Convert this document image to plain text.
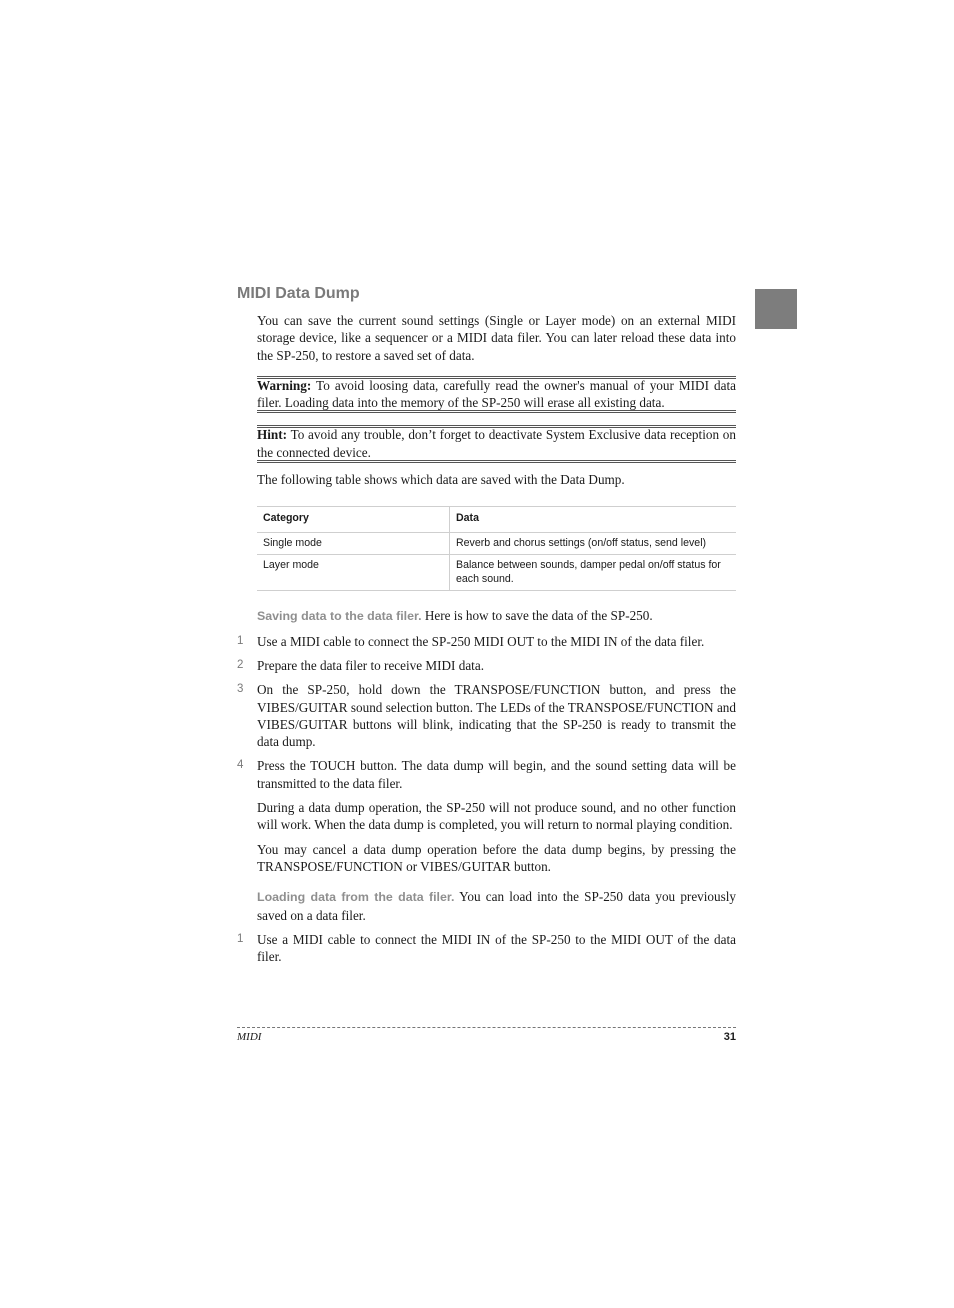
MIDI Data Dump

You can save the current sound settings (Single or Layer mode) on an external MIDI storage device, like a sequencer or a MIDI data filer. You can later reload these data into the SP-250, to restore a saved set of data.

Warning: To avoid loosing data, carefully read the owner's manual of your MIDI data filer. Loading data into the memory of the SP-250 will erase all existing data.

Hint: To avoid any trouble, don’t forget to deactivate System Exclusive data reception on the connected device.

The following table shows which data are saved with the Data Dump.

Category	Data
Single mode	Reverb and chorus settings (on/off status, send level)
Layer mode	Balance between sounds, damper pedal on/off status for each sound.

Saving data to the data filer. Here is how to save the data of the SP-250.

1 Use a MIDI cable to connect the SP-250 MIDI OUT to the MIDI IN of the data filer.

2 Prepare the data filer to receive MIDI data.

3 On the SP-250, hold down the TRANSPOSE/FUNCTION button, and press the VIBES/GUITAR sound selection button. The LEDs of the TRANSPOSE/FUNCTION and VIBES/GUITAR buttons will blink, indicating that the SP-250 is ready to transmit the data dump.

4 Press the TOUCH button. The data dump will begin, and the sound setting data will be transmitted to the data filer.

During a data dump operation, the SP-250 will not produce sound, and no other function will work. When the data dump is completed, you will return to normal playing condition.

You may cancel a data dump operation before the data dump begins, by pressing the TRANSPOSE/FUNCTION or VIBES/GUITAR button.

Loading data from the data filer. You can load into the SP-250 data you previously saved on a data filer.

1 Use a MIDI cable to connect the MIDI IN of the SP-250 to the MIDI OUT of the data filer.

MIDI	31
